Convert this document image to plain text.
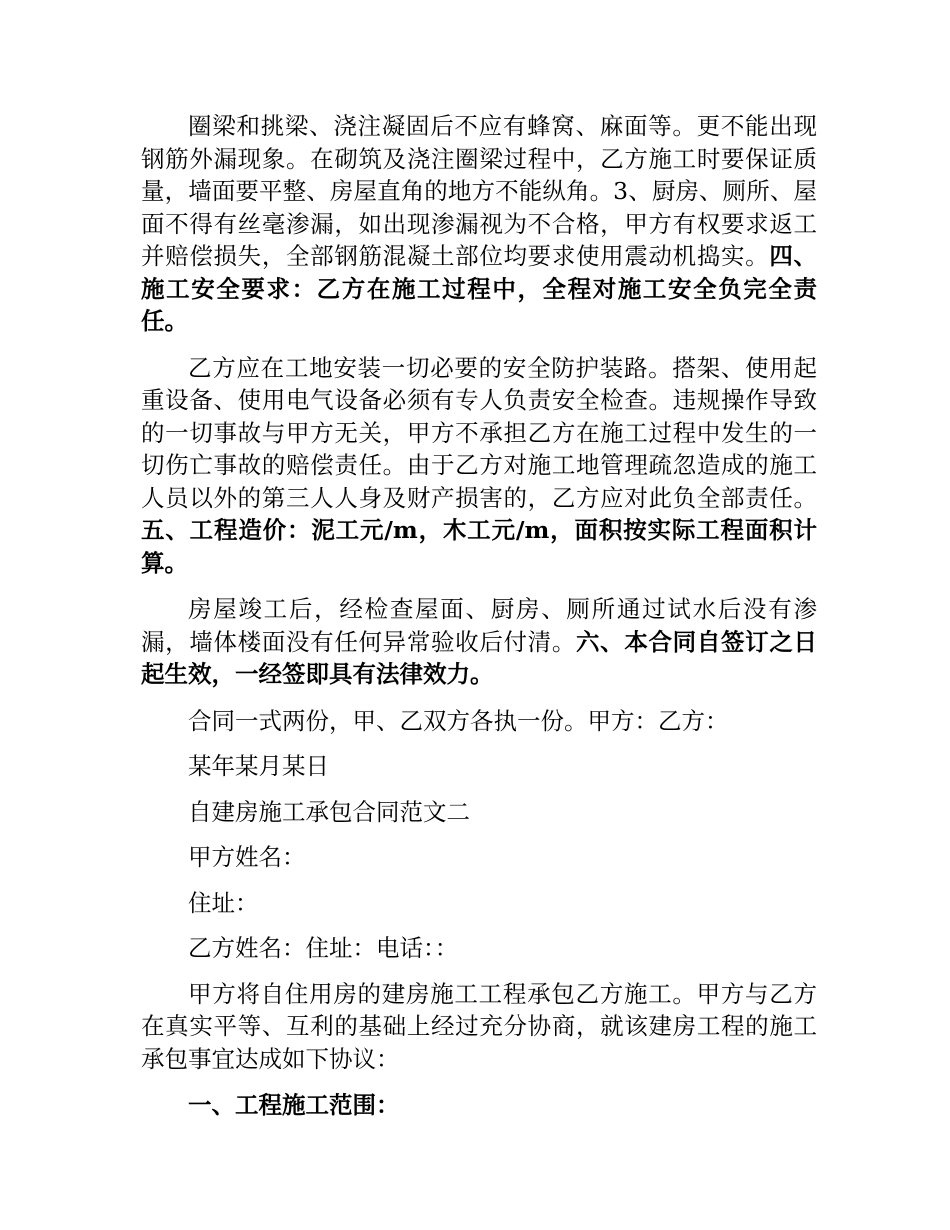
圈梁和挑梁、浇注凝固后不应有蜂窝、麻面等。更不能出现钢筋外漏现象。在砌筑及浇注圈梁过程中，乙方施工时要保证质量，墙面要平整、房屋直角的地方不能纵角。3、厨房、厕所、屋面不得有丝毫渗漏，如出现渗漏视为不合格，甲方有权要求返工并赔偿损失，全部钢筋混凝土部位均要求使用震动机捣实。四、施工安全要求：乙方在施工过程中，全程对施工安全负完全责任。

乙方应在工地安装一切必要的安全防护装路。搭架、使用起重设备、使用电气设备必须有专人负责安全检查。违规操作导致的一切事故与甲方无关，甲方不承担乙方在施工过程中发生的一切伤亡事故的赔偿责任。由于乙方对施工地管理疏忽造成的施工人员以外的第三人人身及财产损害的，乙方应对此负全部责任。五、工程造价：泥工元/m，木工元/m，面积按实际工程面积计算。

房屋竣工后，经检查屋面、厨房、厕所通过试水后没有渗漏，墙体楼面没有任何异常验收后付清。六、本合同自签订之日起生效，一经签即具有法律效力。

合同一式两份，甲、乙双方各执一份。甲方：乙方：

某年某月某日

自建房施工承包合同范文二

甲方姓名：

住址：

乙方姓名：住址：电话：：

甲方将自住用房的建房施工工程承包乙方施工。甲方与乙方在真实平等、互利的基础上经过充分协商，就该建房工程的施工承包事宜达成如下协议：

一、工程施工范围：
